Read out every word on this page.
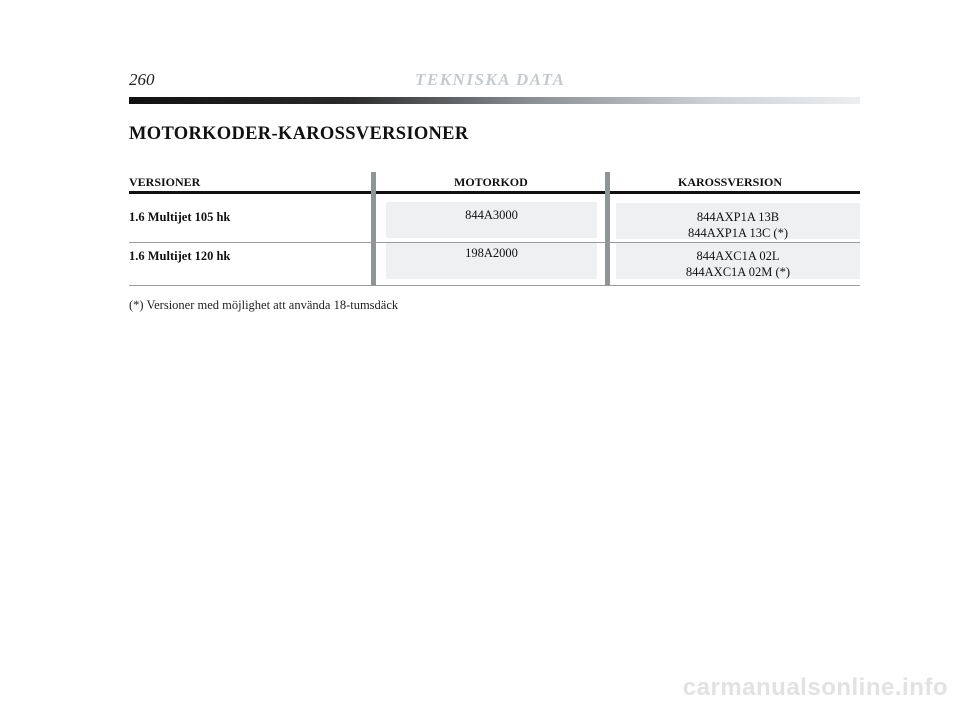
260	TEKNISKA DATA
MOTORKODER-KAROSSVERSIONER
VERSIONER	MOTORKOD	KAROSSVERSION
1.6 Multijet 105 hk	844A3000	844AXP1A 13B
844AXP1A 13C (*)
1.6 Multijet 120 hk	198A2000	844AXC1A 02L
844AXC1A 02M (*)
(*) Versioner med möjlighet att använda 18-tumsdäck
carmanualsonline.info
